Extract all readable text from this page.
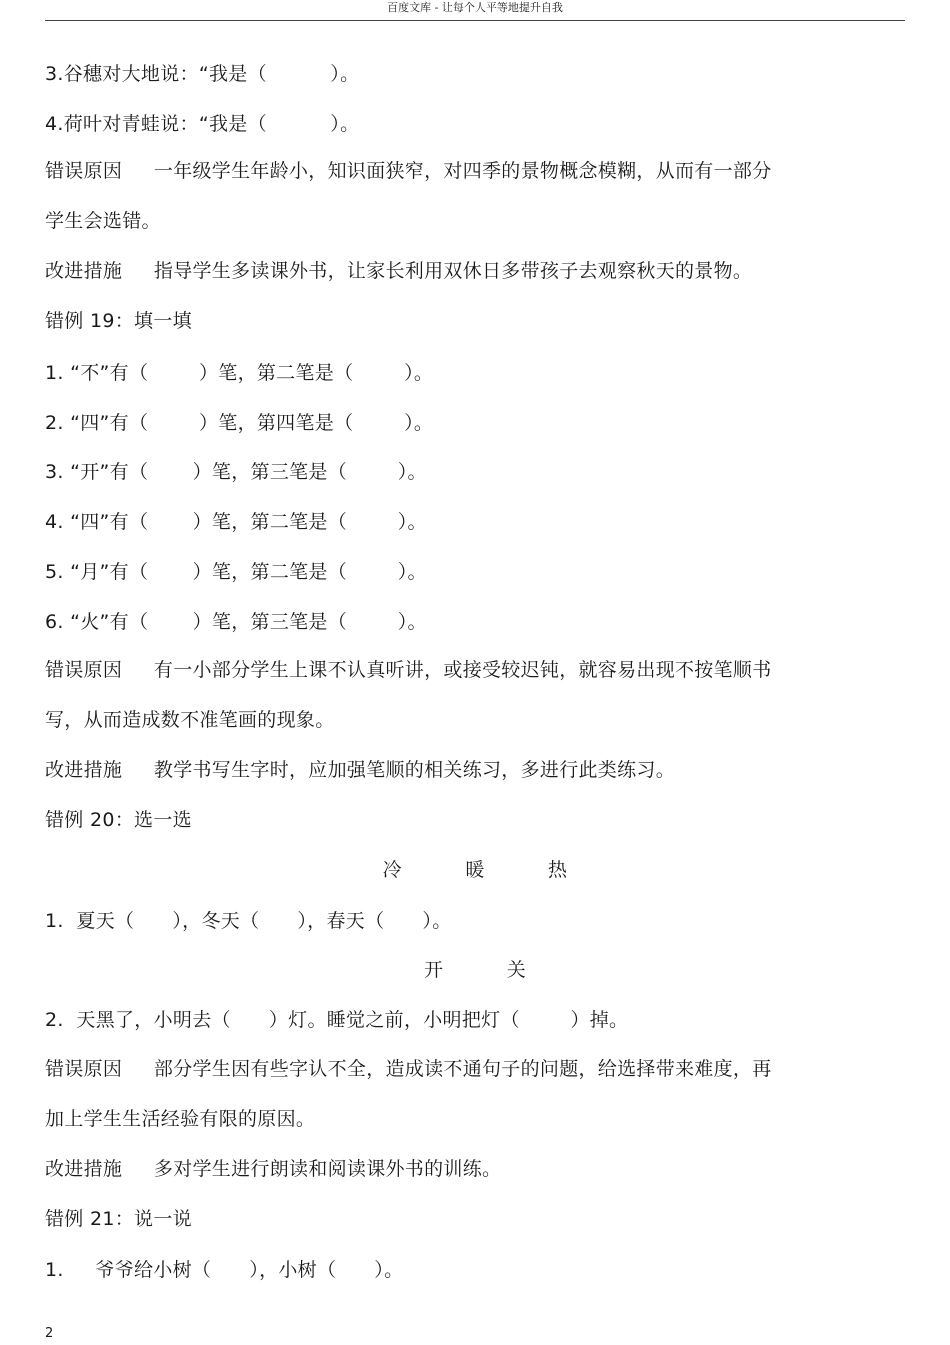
百度文库 - 让每个人平等地提升自我
3.谷穗对大地说：“我是（          ）。
4.荷叶对青蛙说：“我是（          ）。
错误原因     一年级学生年龄小，知识面狭窄，对四季的景物概念模糊，从而有一部分
学生会选错。
改进措施     指导学生多读课外书，让家长利用双休日多带孩子去观察秋天的景物。
错例 19：填一填
1. “不”有（        ）笔，第二笔是（        ）。
2. “四”有（        ）笔，第四笔是（        ）。
3. “开”有（       ）笔，第三笔是（        ）。
4. “四”有（       ）笔，第二笔是（        ）。
5. “月”有（       ）笔，第二笔是（        ）。
6. “火”有（       ）笔，第三笔是（        ）。
错误原因     有一小部分学生上课不认真听讲，或接受较迟钝，就容易出现不按笔顺书
写，从而造成数不准笔画的现象。
改进措施     教学书写生字时，应加强笔顺的相关练习，多进行此类练习。
错例 20：选一选
冷          暖          热
1.  夏天（      ），冬天（      ），春天（      ）。
开          关
2.  天黑了，小明去（      ）灯。睡觉之前，小明把灯（        ）掉。
错误原因     部分学生因有些字认不全，造成读不通句子的问题，给选择带来难度，再
加上学生生活经验有限的原因。
改进措施     多对学生进行朗读和阅读课外书的训练。
错例 21：说一说
1.     爷爷给小树（      ），小树（      ）。
2
